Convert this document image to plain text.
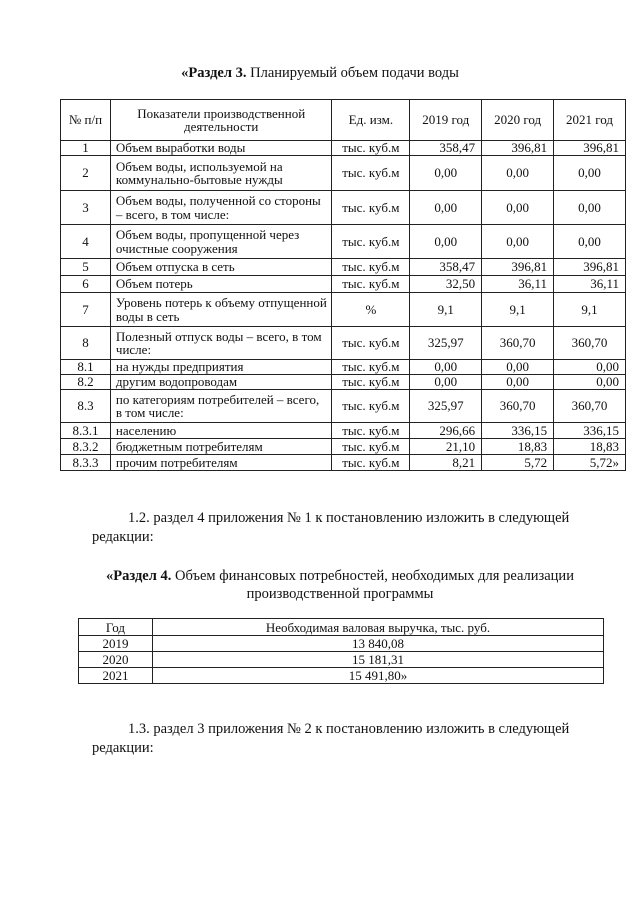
«Раздел 3. Планируемый объем подачи воды
№ п/п	Показатели производственной деятельности	Ед. изм.	2019 год	2020 год	2021 год
1	Объем выработки воды	тыс. куб.м	358,47	396,81	396,81
2	Объем воды, используемой на коммунально-бытовые нужды	тыс. куб.м	0,00	0,00	0,00
3	Объем воды, полученной со стороны – всего, в том числе:	тыс. куб.м	0,00	0,00	0,00
4	Объем воды, пропущенной через очистные сооружения	тыс. куб.м	0,00	0,00	0,00
5	Объем отпуска в сеть	тыс. куб.м	358,47	396,81	396,81
6	Объем потерь	тыс. куб.м	32,50	36,11	36,11
7	Уровень потерь к объему отпущенной воды в сеть	%	9,1	9,1	9,1
8	Полезный отпуск воды – всего, в том числе:	тыс. куб.м	325,97	360,70	360,70
8.1	на нужды предприятия	тыс. куб.м	0,00	0,00	0,00
8.2	другим водопроводам	тыс. куб.м	0,00	0,00	0,00
8.3	по категориям потребителей – всего, в том числе:	тыс. куб.м	325,97	360,70	360,70
8.3.1	населению	тыс. куб.м	296,66	336,15	336,15
8.3.2	бюджетным потребителям	тыс. куб.м	21,10	18,83	18,83
8.3.3	прочим потребителям	тыс. куб.м	8,21	5,72	5,72»
1.2. раздел 4 приложения № 1 к постановлению изложить в следующей редакции:
«Раздел 4. Объем финансовых потребностей, необходимых для реализации производственной программы
Год	Необходимая валовая выручка, тыс. руб.
2019	13 840,08
2020	15 181,31
2021	15 491,80»
1.3. раздел 3 приложения № 2 к постановлению изложить в следующей редакции:
